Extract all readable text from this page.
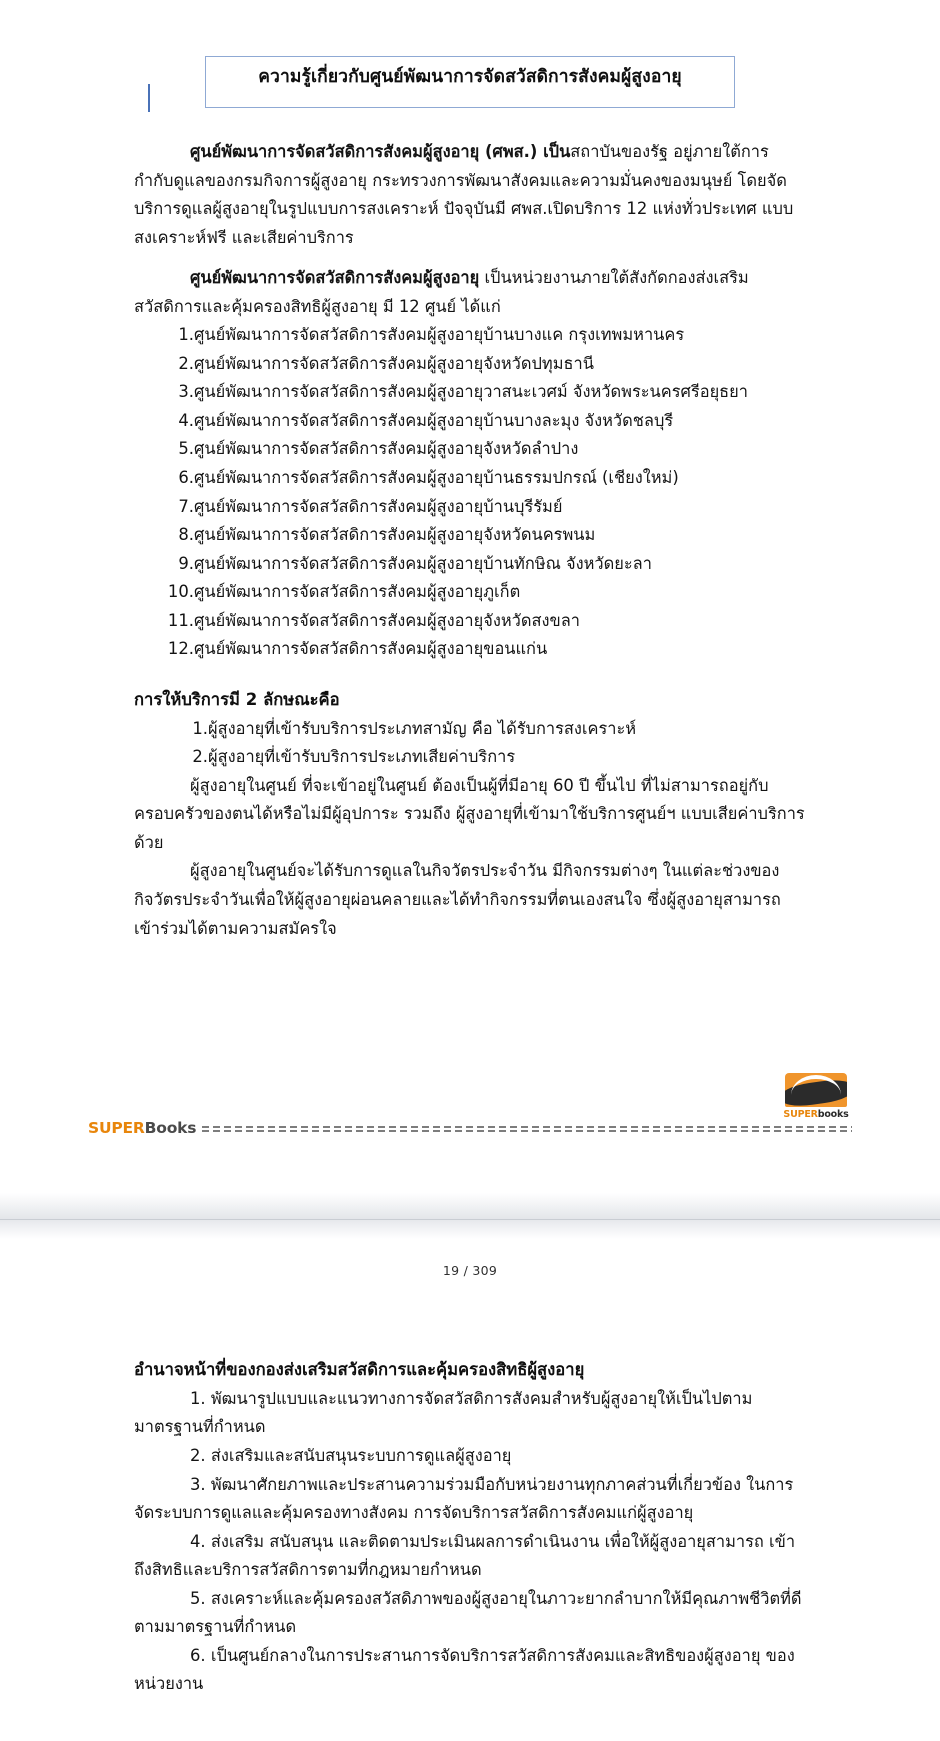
ความรู้เกี่ยวกับศูนย์พัฒนาการจัดสวัสดิการสังคมผู้สูงอายุ

ศูนย์พัฒนาการจัดสวัสดิการสังคมผู้สูงอายุ (ศพส.) เป็นสถาบันของรัฐ อยู่ภายใต้การกำกับดูแลของกรมกิจการผู้สูงอายุ กระทรวงการพัฒนาสังคมและความมั่นคงของมนุษย์ โดยจัดบริการดูแลผู้สูงอายุในรูปแบบการสงเคราะห์ ปัจจุบันมี ศพส.เปิดบริการ 12 แห่งทั่วประเทศ แบบสงเคราะห์ฟรี และเสียค่าบริการ

ศูนย์พัฒนาการจัดสวัสดิการสังคมผู้สูงอายุ เป็นหน่วยงานภายใต้สังกัดกองส่งเสริมสวัสดิการและคุ้มครองสิทธิผู้สูงอายุ มี 12 ศูนย์ ได้แก่

1. ศูนย์พัฒนาการจัดสวัสดิการสังคมผู้สูงอายุบ้านบางแค กรุงเทพมหานคร
2. ศูนย์พัฒนาการจัดสวัสดิการสังคมผู้สูงอายุจังหวัดปทุมธานี
3. ศูนย์พัฒนาการจัดสวัสดิการสังคมผู้สูงอายุวาสนะเวศม์ จังหวัดพระนครศรีอยุธยา
4. ศูนย์พัฒนาการจัดสวัสดิการสังคมผู้สูงอายุบ้านบางละมุง จังหวัดชลบุรี
5. ศูนย์พัฒนาการจัดสวัสดิการสังคมผู้สูงอายุจังหวัดลำปาง
6. ศูนย์พัฒนาการจัดสวัสดิการสังคมผู้สูงอายุบ้านธรรมปกรณ์ (เชียงใหม่)
7. ศูนย์พัฒนาการจัดสวัสดิการสังคมผู้สูงอายุบ้านบุรีรัมย์
8. ศูนย์พัฒนาการจัดสวัสดิการสังคมผู้สูงอายุจังหวัดนครพนม
9. ศูนย์พัฒนาการจัดสวัสดิการสังคมผู้สูงอายุบ้านทักษิณ จังหวัดยะลา
10. ศูนย์พัฒนาการจัดสวัสดิการสังคมผู้สูงอายุภูเก็ต
11. ศูนย์พัฒนาการจัดสวัสดิการสังคมผู้สูงอายุจังหวัดสงขลา
12. ศูนย์พัฒนาการจัดสวัสดิการสังคมผู้สูงอายุขอนแก่น

การให้บริการมี 2 ลักษณะคือ

1. ผู้สูงอายุที่เข้ารับบริการประเภทสามัญ คือ ได้รับการสงเคราะห์
2. ผู้สูงอายุที่เข้ารับบริการประเภทเสียค่าบริการ

ผู้สูงอายุในศูนย์ ที่จะเข้าอยู่ในศูนย์ ต้องเป็นผู้ที่มีอายุ 60 ปี ขึ้นไป ที่ไม่สามารถอยู่กับครอบครัวของตนได้หรือไม่มีผู้อุปการะ รวมถึง ผู้สูงอายุที่เข้ามาใช้บริการศูนย์ฯ แบบเสียค่าบริการด้วย

ผู้สูงอายุในศูนย์จะได้รับการดูแลในกิจวัตรประจำวัน มีกิจกรรมต่างๆ ในแต่ละช่วงของกิจวัตรประจำวันเพื่อให้ผู้สูงอายุผ่อนคลายและได้ทำกิจกรรมที่ตนเองสนใจ ซึ่งผู้สูงอายุสามารถเข้าร่วมได้ตามความสมัครใจ

SUPERBooks
SUPERbooks
19 / 309

อำนาจหน้าที่ของกองส่งเสริมสวัสดิการและคุ้มครองสิทธิผู้สูงอายุ

1. พัฒนารูปแบบและแนวทางการจัดสวัสดิการสังคมสำหรับผู้สูงอายุให้เป็นไปตามมาตรฐานที่กำหนด
2. ส่งเสริมและสนับสนุนระบบการดูแลผู้สูงอายุ
3. พัฒนาศักยภาพและประสานความร่วมมือกับหน่วยงานทุกภาคส่วนที่เกี่ยวข้อง ในการจัดระบบการดูแลและคุ้มครองทางสังคม การจัดบริการสวัสดิการสังคมแก่ผู้สูงอายุ
4. ส่งเสริม สนับสนุน และติดตามประเมินผลการดำเนินงาน เพื่อให้ผู้สูงอายุสามารถ เข้าถึงสิทธิและบริการสวัสดิการตามที่กฎหมายกำหนด
5. สงเคราะห์และคุ้มครองสวัสดิภาพของผู้สูงอายุในภาวะยากลำบากให้มีคุณภาพชีวิตที่ดี ตามมาตรฐานที่กำหนด
6. เป็นศูนย์กลางในการประสานการจัดบริการสวัสดิการสังคมและสิทธิของผู้สูงอายุ ของหน่วยงาน
